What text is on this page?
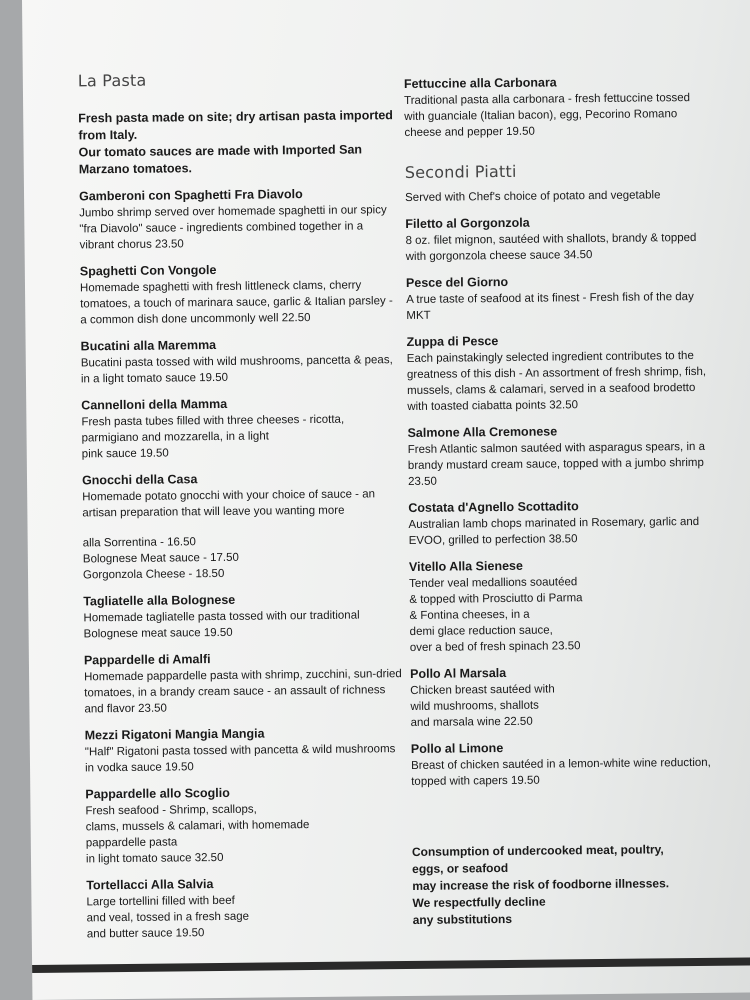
La Pasta
Fresh pasta made on site; dry artisan pasta imported from Italy.
Our tomato sauces are made with Imported San Marzano tomatoes.
Gamberoni con Spaghetti Fra Diavolo
Jumbo shrimp served over homemade spaghetti in our spicy "fra Diavolo" sauce - ingredients combined together in a vibrant chorus 23.50
Spaghetti Con Vongole
Homemade spaghetti with fresh littleneck clams, cherry tomatoes, a touch of marinara sauce, garlic & Italian parsley - a common dish done uncommonly well 22.50
Bucatini alla Maremma
Bucatini pasta tossed with wild mushrooms, pancetta & peas, in a light tomato sauce 19.50
Cannelloni della Mamma
Fresh pasta tubes filled with three cheeses - ricotta, parmigiano and mozzarella, in a light
pink sauce 19.50
Gnocchi della Casa
Homemade potato gnocchi with your choice of sauce - an artisan preparation that will leave you wanting more
alla Sorrentina - 16.50
Bolognese Meat sauce - 17.50
Gorgonzola Cheese - 18.50
Tagliatelle alla Bolognese
Homemade tagliatelle pasta tossed with our traditional Bolognese meat sauce 19.50
Pappardelle di Amalfi
Homemade pappardelle pasta with shrimp, zucchini, sun-dried tomatoes, in a brandy cream sauce - an assault of richness and flavor 23.50
Mezzi Rigatoni Mangia Mangia
"Half" Rigatoni pasta tossed with pancetta & wild mushrooms in vodka sauce 19.50
Pappardelle allo Scoglio
Fresh seafood - Shrimp, scallops,
clams, mussels & calamari, with homemade
pappardelle pasta
in light tomato sauce 32.50
Tortellacci Alla Salvia
Large tortellini filled with beef
and veal, tossed in a fresh sage
and butter sauce 19.50
Fettuccine alla Carbonara
Traditional pasta alla carbonara - fresh fettuccine tossed with guanciale (Italian bacon), egg, Pecorino Romano cheese and pepper 19.50
Secondi Piatti
Served with Chef's choice of potato and vegetable
Filetto al Gorgonzola
8 oz. filet mignon, sautéed with shallots, brandy & topped with gorgonzola cheese sauce 34.50
Pesce del Giorno
A true taste of seafood at its finest - Fresh fish of the day MKT
Zuppa di Pesce
Each painstakingly selected ingredient contributes to the greatness of this dish - An assortment of fresh shrimp, fish, mussels, clams & calamari, served in a seafood brodetto with toasted ciabatta points 32.50
Salmone Alla Cremonese
Fresh Atlantic salmon sautéed with asparagus spears, in a brandy mustard cream sauce, topped with a jumbo shrimp 23.50
Costata d'Agnello Scottadito
Australian lamb chops marinated in Rosemary, garlic and EVOO, grilled to perfection 38.50
Vitello Alla Sienese
Tender veal medallions soautéed
& topped with Prosciutto di Parma
& Fontina cheeses, in a
demi glace reduction sauce,
over a bed of fresh spinach 23.50
Pollo Al Marsala
Chicken breast sautéed with
wild mushrooms, shallots
and marsala wine 22.50
Pollo al Limone
Breast of chicken sautéed in a lemon-white wine reduction, topped with capers 19.50
Consumption of undercooked meat, poultry,
eggs, or seafood
may increase the risk of foodborne illnesses.
We respectfully decline
any substitutions
